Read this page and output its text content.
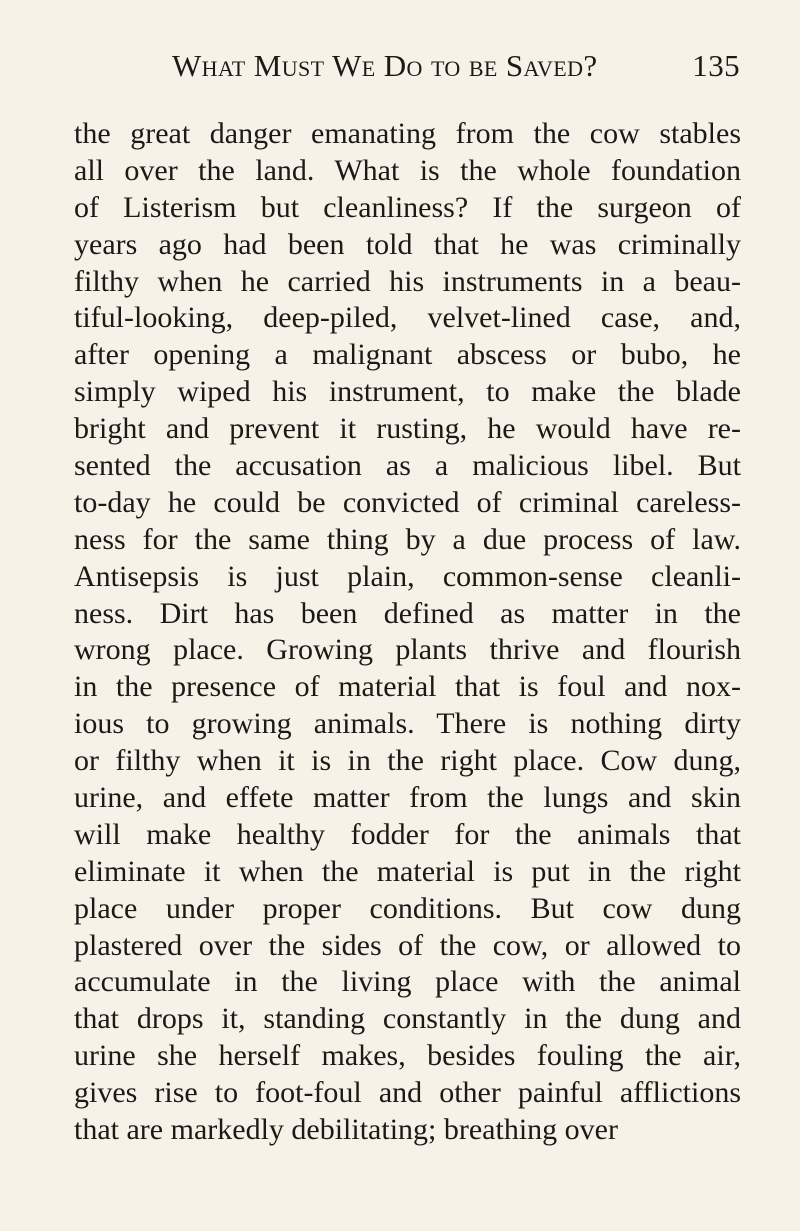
What Must We Do to be Saved?	135
the great danger emanating from the cow stables
all over the land. What is the whole foundation
of Listerism but cleanliness? If the surgeon of
years ago had been told that he was criminally
filthy when he carried his instruments in a beau-
tiful-looking, deep-piled, velvet-lined case, and,
after opening a malignant abscess or bubo, he
simply wiped his instrument, to make the blade
bright and prevent it rusting, he would have re-
sented the accusation as a malicious libel. But
to-day he could be convicted of criminal careless-
ness for the same thing by a due process of law.
Antisepsis is just plain, common-sense cleanli-
ness. Dirt has been defined as matter in the
wrong place. Growing plants thrive and flourish
in the presence of material that is foul and nox-
ious to growing animals. There is nothing dirty
or filthy when it is in the right place. Cow dung,
urine, and effete matter from the lungs and skin
will make healthy fodder for the animals that
eliminate it when the material is put in the right
place under proper conditions. But cow dung
plastered over the sides of the cow, or allowed to
accumulate in the living place with the animal
that drops it, standing constantly in the dung and
urine she herself makes, besides fouling the air,
gives rise to foot-foul and other painful afflictions
that are markedly debilitating; breathing over
